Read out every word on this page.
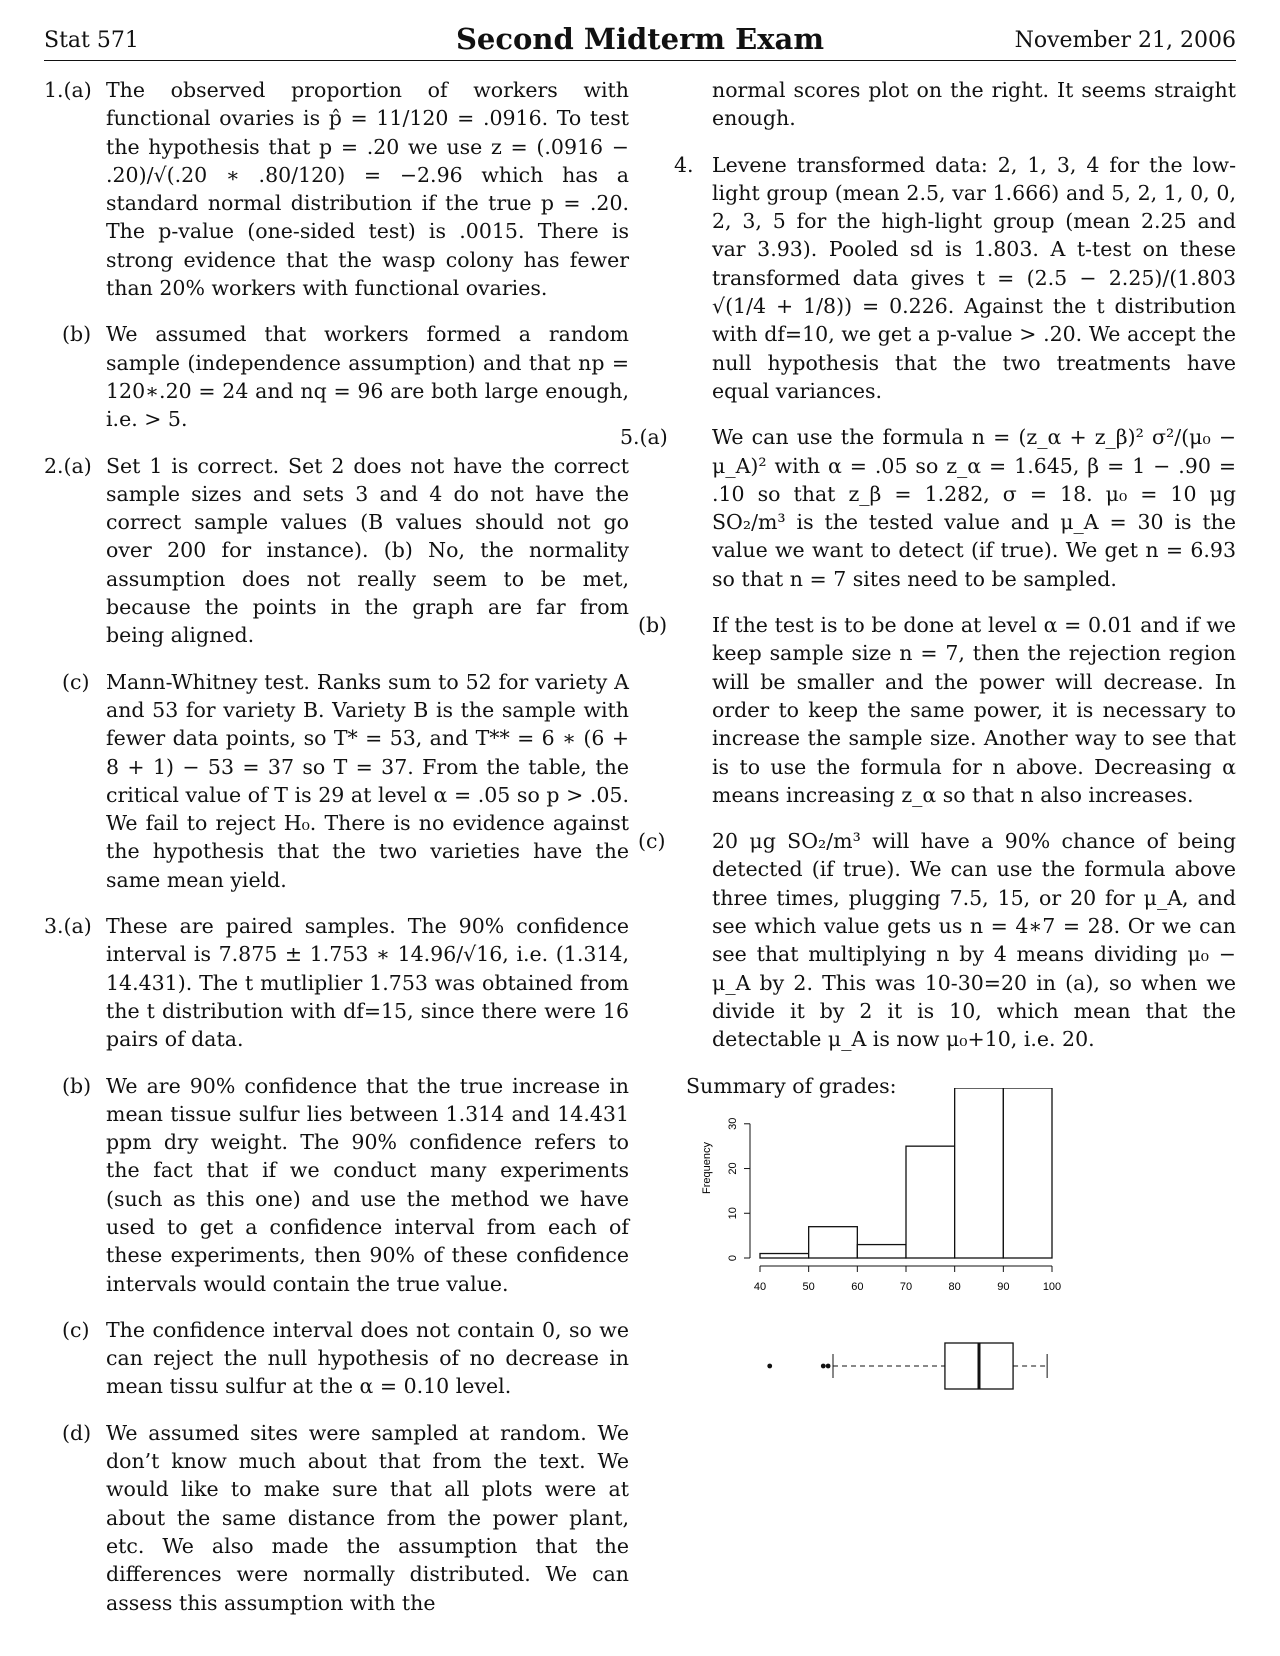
Stat 571	Second Midterm Exam	November 21, 2006
1.(a) The observed proportion of workers with functional ovaries is p̂ = 11/120 = .0916. To test the hypothesis that p = .20 we use z = (.0916 − .20)/√(.20 ∗ .80/120) = −2.96 which has a standard normal distribution if the true p = .20. The p-value (one-sided test) is .0015. There is strong evidence that the wasp colony has fewer than 20% workers with functional ovaries.
(b) We assumed that workers formed a random sample (independence assumption) and that np = 120∗.20 = 24 and nq = 96 are both large enough, i.e. > 5.
2.(a) Set 1 is correct. Set 2 does not have the correct sample sizes and sets 3 and 4 do not have the correct sample values (B values should not go over 200 for instance). (b) No, the normality assumption does not really seem to be met, because the points in the graph are far from being aligned.
(c) Mann-Whitney test. Ranks sum to 52 for variety A and 53 for variety B. Variety B is the sample with fewer data points, so T* = 53, and T** = 6 ∗ (6 + 8 + 1) − 53 = 37 so T = 37. From the table, the critical value of T is 29 at level α = .05 so p > .05. We fail to reject H₀. There is no evidence against the hypothesis that the two varieties have the same mean yield.
3.(a) These are paired samples. The 90% confidence interval is 7.875 ± 1.753 ∗ 14.96/√16, i.e. (1.314, 14.431). The t mutliplier 1.753 was obtained from the t distribution with df=15, since there were 16 pairs of data.
(b) We are 90% confidence that the true increase in mean tissue sulfur lies between 1.314 and 14.431 ppm dry weight. The 90% confidence refers to the fact that if we conduct many experiments (such as this one) and use the method we have used to get a confidence interval from each of these experiments, then 90% of these confidence intervals would contain the true value.
(c) The confidence interval does not contain 0, so we can reject the null hypothesis of no decrease in mean tissu sulfur at the α = 0.10 level.
(d) We assumed sites were sampled at random. We don’t know much about that from the text. We would like to make sure that all plots were at about the same distance from the power plant, etc. We also made the assumption that the differences were normally distributed. We can assess this assumption with the
normal scores plot on the right. It seems straight enough.
4. Levene transformed data: 2, 1, 3, 4 for the low-light group (mean 2.5, var 1.666) and 5, 2, 1, 0, 0, 2, 3, 5 for the high-light group (mean 2.25 and var 3.93). Pooled sd is 1.803. A t-test on these transformed data gives t = (2.5 − 2.25)/(1.803 √(1/4 + 1/8)) = 0.226. Against the t distribution with df=10, we get a p-value > .20. We accept the null hypothesis that the two treatments have equal variances.
5.(a) We can use the formula n = (z_α + z_β)² σ²/(μ₀ − μ_A)² with α = .05 so z_α = 1.645, β = 1 − .90 = .10 so that z_β = 1.282, σ = 18. μ₀ = 10 μg SO₂/m³ is the tested value and μ_A = 30 is the value we want to detect (if true). We get n = 6.93 so that n = 7 sites need to be sampled.
(b) If the test is to be done at level α = 0.01 and if we keep sample size n = 7, then the rejection region will be smaller and the power will decrease. In order to keep the same power, it is necessary to increase the sample size. Another way to see that is to use the formula for n above. Decreasing α means increasing z_α so that n also increases.
(c) 20 μg SO₂/m³ will have a 90% chance of being detected (if true). We can use the formula above three times, plugging 7.5, 15, or 20 for μ_A, and see which value gets us n = 4∗7 = 28. Or we can see that multiplying n by 4 means dividing μ₀ − μ_A by 2. This was 10-30=20 in (a), so when we divide it by 2 it is 10, which mean that the detectable μ_A is now μ₀+10, i.e. 20.
Summary of grades:
40	50	60	70	80	90	100
0
10
20
30
Frequency
